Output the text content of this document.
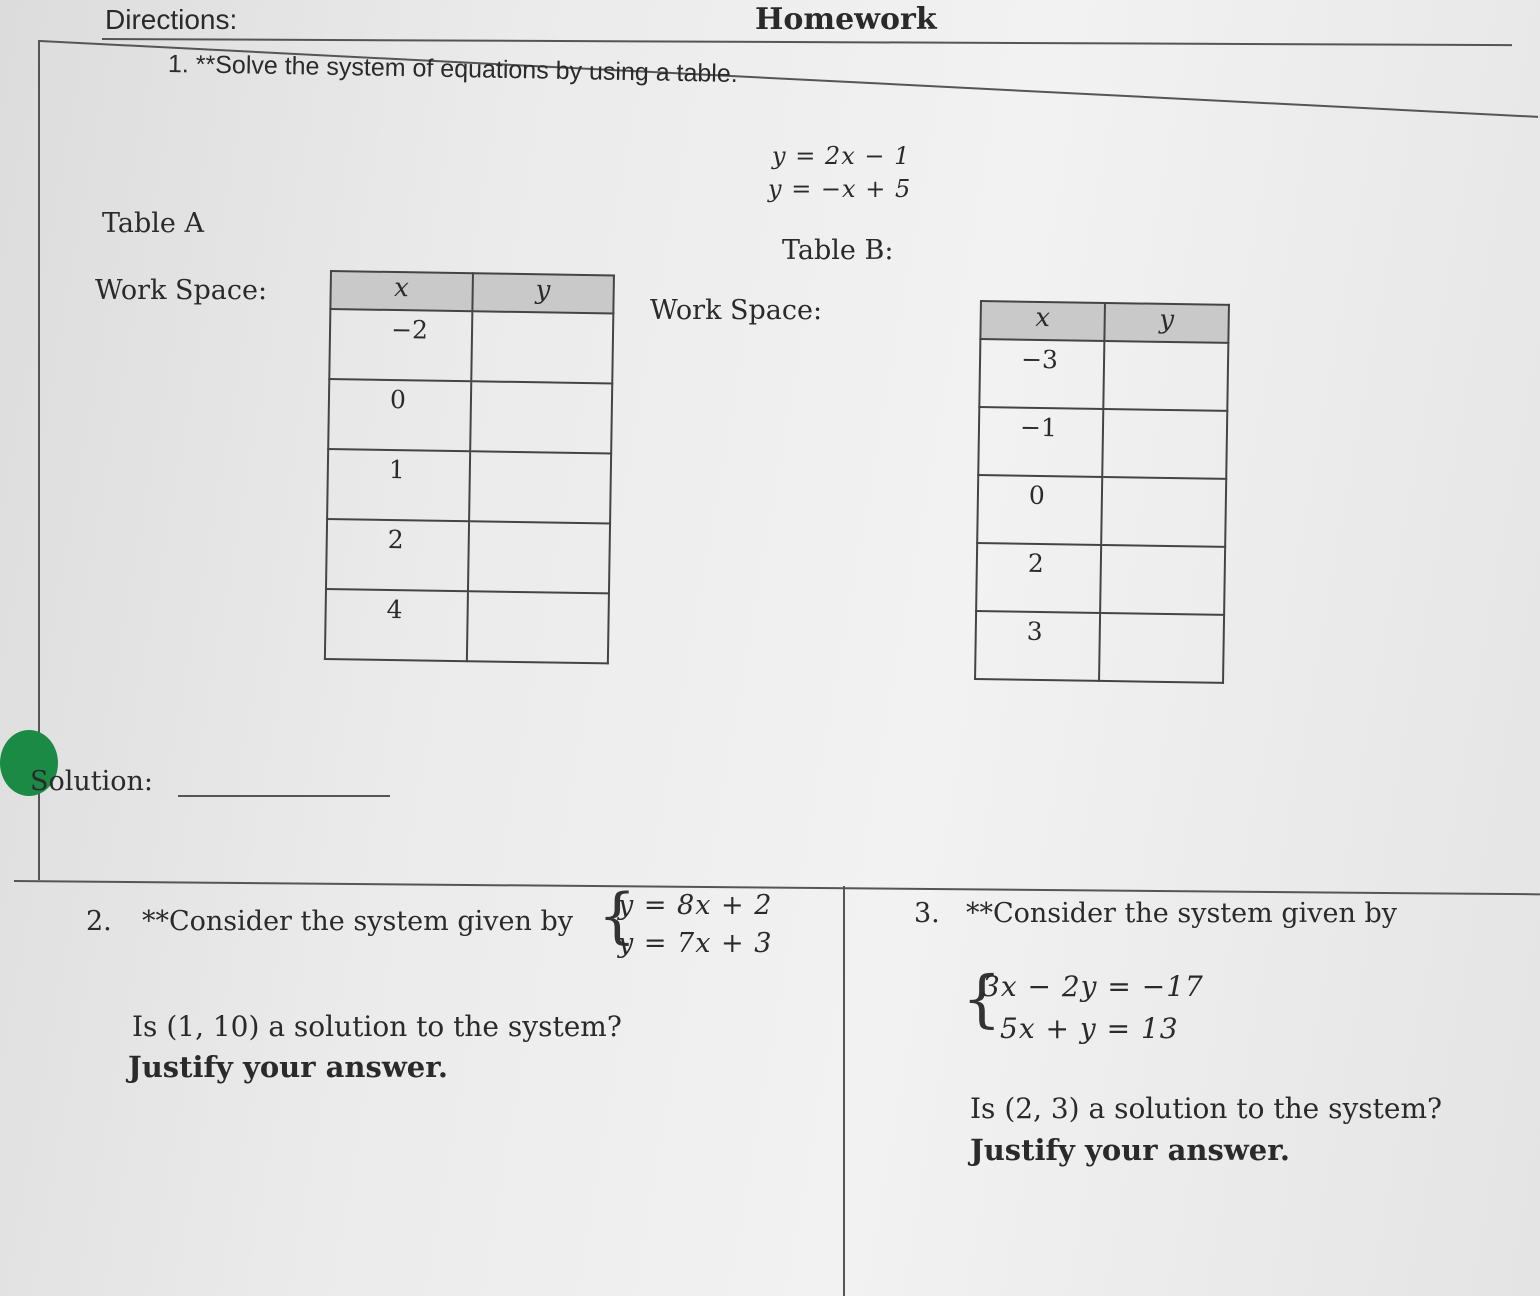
Directions:	Homework
1. **Solve the system of equations by using a table.
y = 2x − 1
y = −x + 5
Table A
Table B:
Work Space:
Work Space:
x	y
−2	
0	
1	
2	
4	
x	y
−3	
−1	
0	
2	
3	
Solution:
2. **Consider the system given by {
y = 8x + 2
y = 7x + 3
Is (1, 10) a solution to the system?
Justify your answer.
3. **Consider the system given by
{
3x − 2y = −17
5x + y = 13
Is (2, 3) a solution to the system?
Justify your answer.
